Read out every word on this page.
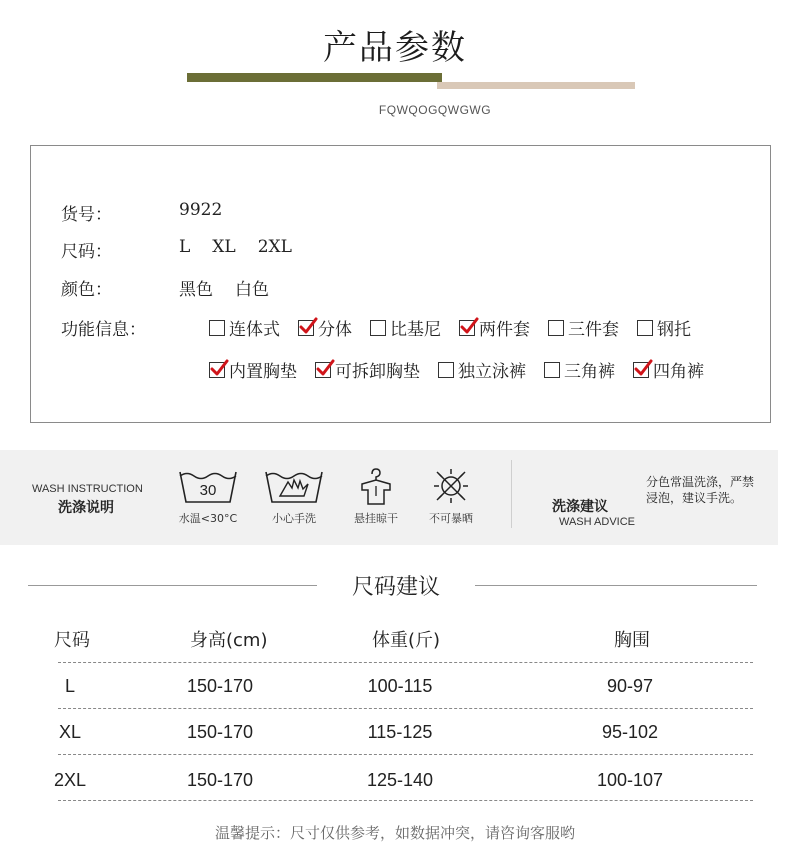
产品参数
FQWQOGQWGWG
货号：	9922
尺码：	L XL 2XL
颜色：	黑色 白色
功能信息：	连体式 分体 比基尼 两件套 三件套 钢托
内置胸垫 可拆卸胸垫 独立泳裤 三角裤 四角裤
WASH INSTRUCTION
洗涤说明
30
水温<30°C	小心手洗	悬挂晾干	不可暴晒
洗涤建议
WASH ADVICE
分色常温洗涤，严禁浸泡，建议手洗。
尺码建议
尺码	身高(cm)	体重(斤)	胸围
L	150-170	100-115	90-97
XL	150-170	115-125	95-102
2XL	150-170	125-140	100-107
温馨提示：尺寸仅供参考，如数据冲突，请咨询客服哟
